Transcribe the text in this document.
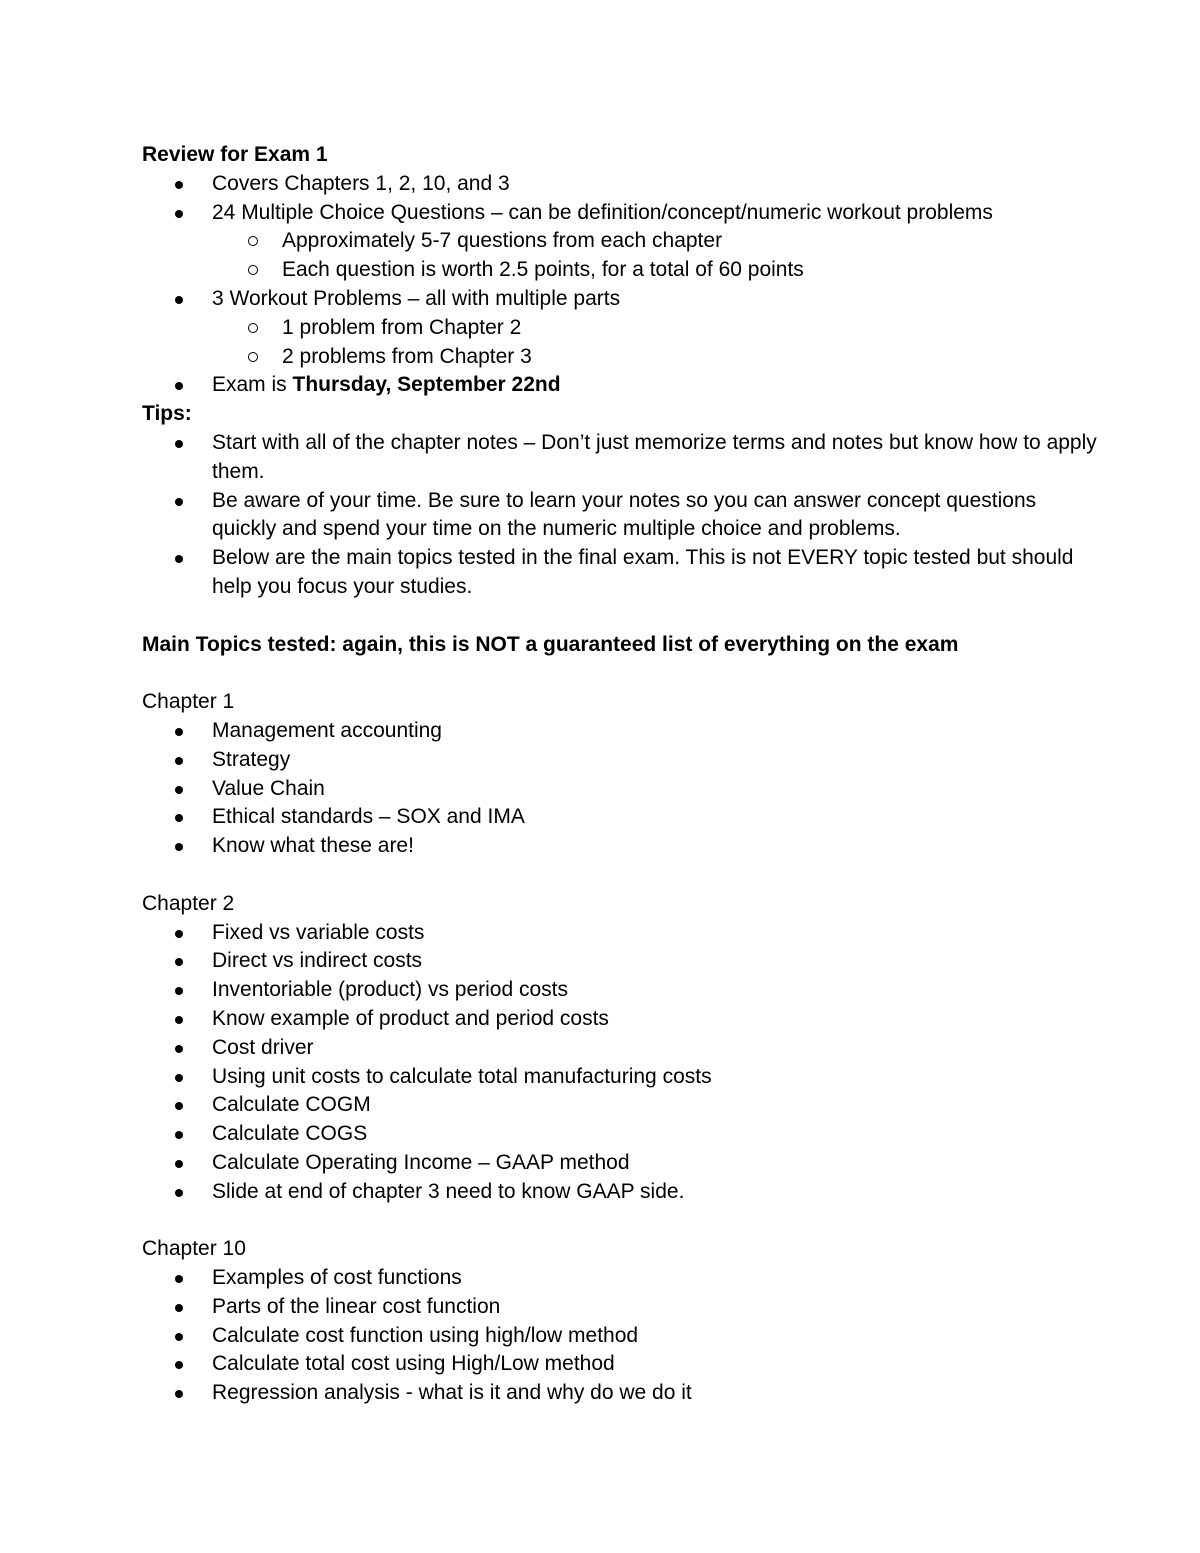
Review for Exam 1

Covers Chapters 1, 2, 10, and 3
24 Multiple Choice Questions – can be definition/concept/numeric workout problems
Approximately 5-7 questions from each chapter
Each question is worth 2.5 points, for a total of 60 points
3 Workout Problems – all with multiple parts
1 problem from Chapter 2
2 problems from Chapter 3
Exam is Thursday, September 22nd

Tips:

Start with all of the chapter notes – Don’t just memorize terms and notes but know how to apply them.
Be aware of your time. Be sure to learn your notes so you can answer concept questions quickly and spend your time on the numeric multiple choice and problems.
Below are the main topics tested in the final exam. This is not EVERY topic tested but should help you focus your studies.

Main Topics tested: again, this is NOT a guaranteed list of everything on the exam

Chapter 1

Management accounting
Strategy
Value Chain
Ethical standards – SOX and IMA
Know what these are!

Chapter 2

Fixed vs variable costs
Direct vs indirect costs
Inventoriable (product) vs period costs
Know example of product and period costs
Cost driver
Using unit costs to calculate total manufacturing costs
Calculate COGM
Calculate COGS
Calculate Operating Income – GAAP method
Slide at end of chapter 3 need to know GAAP side.

Chapter 10

Examples of cost functions
Parts of the linear cost function
Calculate cost function using high/low method
Calculate total cost using High/Low method
Regression analysis - what is it and why do we do it
